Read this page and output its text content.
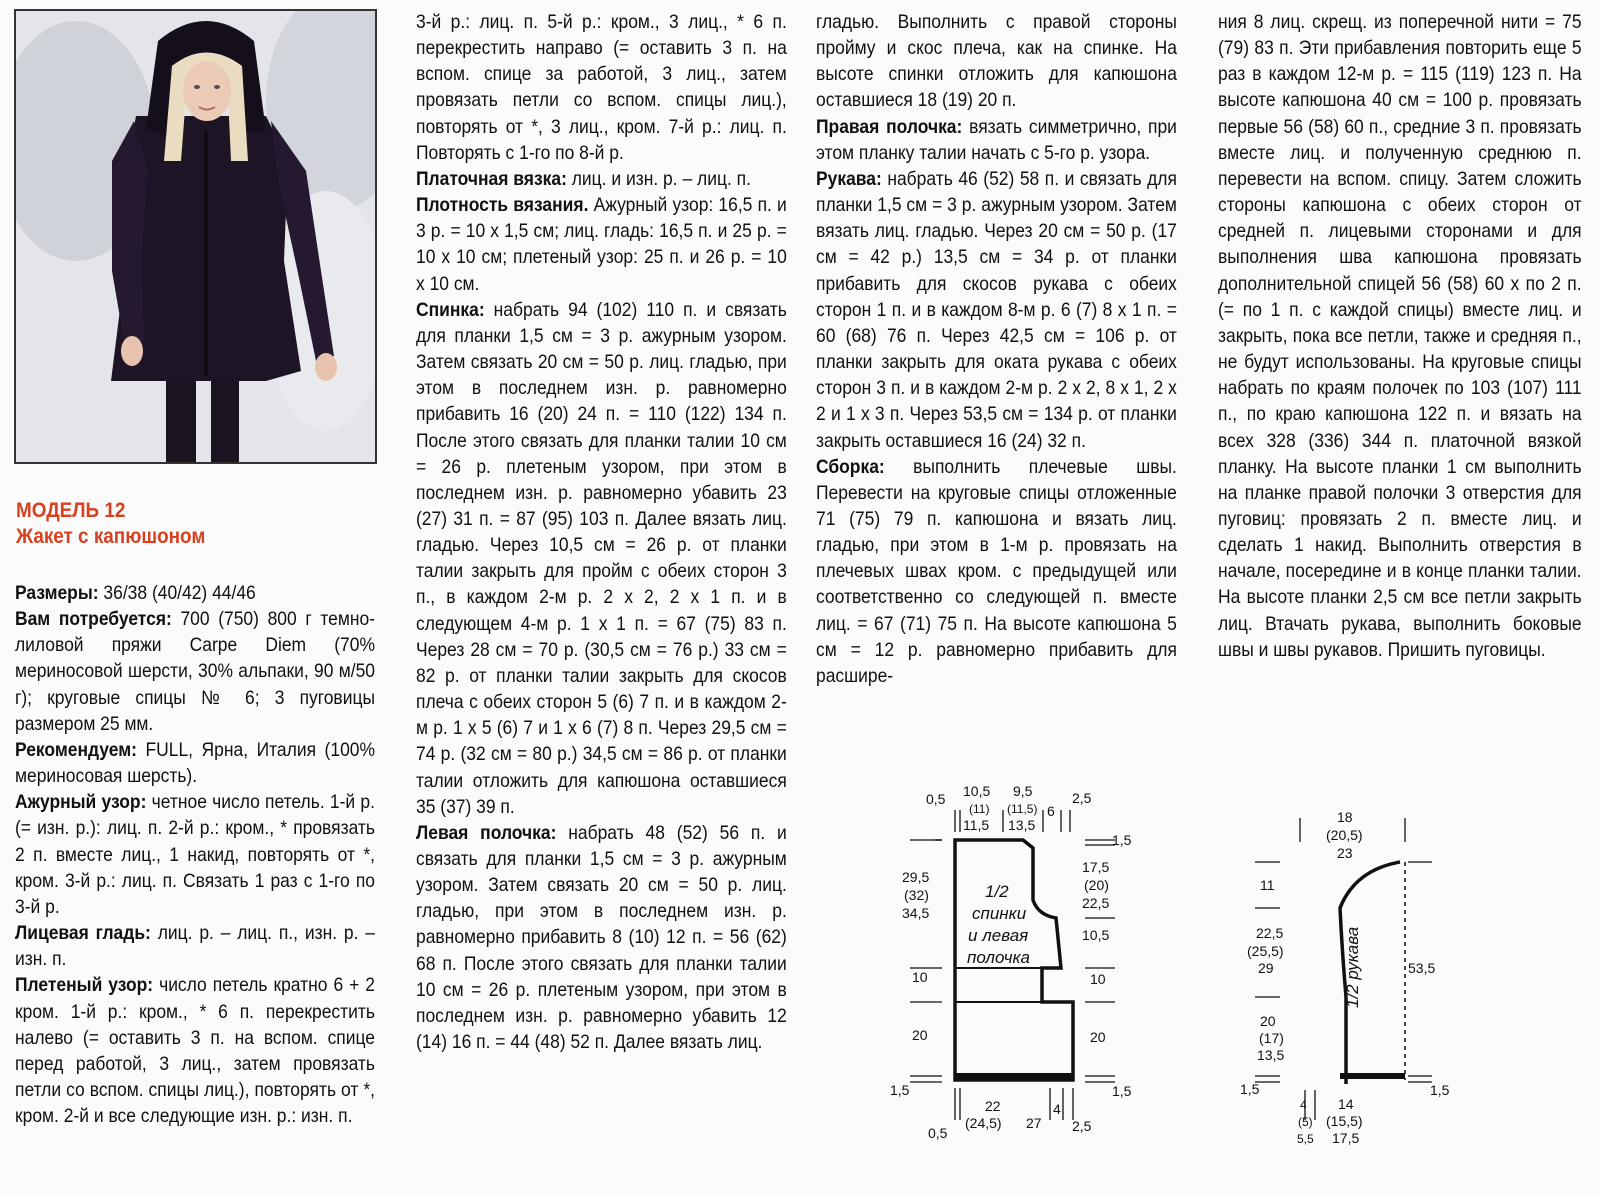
МОДЕЛЬ 12
Жакет с капюшоном

Размеры: 36/38 (40/42) 44/46

Вам потребуется: 700 (750) 800 г темно-лиловой пряжи Carpe Diem (70% мериносовой шерсти, 30% альпаки, 90 м/50 г); круговые спицы № 6; 3 пуговицы размером 25 мм.

Рекомендуем: FULL, Ярна, Италия (100% мериносовая шерсть).

Ажурный узор: четное число петель. 1-й р. (= изн. р.): лиц. п. 2-й р.: кром., * провязать 2 п. вместе лиц., 1 накид, повторять от *, кром. 3-й р.: лиц. п. Связать 1 раз с 1-го по 3-й р.

Лицевая гладь: лиц. р. – лиц. п., изн. р. – изн. п.

Плетеный узор: число петель кратно 6 + 2 кром. 1-й р.: кром., * 6 п. перекрестить налево (= оставить 3 п. на вспом. спице перед работой, 3 лиц., затем провязать петли со вспом. спицы лиц.), повторять от *, кром. 2-й и все следующие изн. р.: изн. п.

3-й р.: лиц. п. 5-й р.: кром., 3 лиц., * 6 п. перекрестить направо (= оставить 3 п. на вспом. спице за работой, 3 лиц., затем провязать петли со вспом. спицы лиц.), повторять от *, 3 лиц., кром. 7-й р.: лиц. п. Повторять с 1-го по 8-й р.

Платочная вязка: лиц. и изн. р. – лиц. п.

Плотность вязания. Ажурный узор: 16,5 п. и 3 р. = 10 х 1,5 см; лиц. гладь: 16,5 п. и 25 р. = 10 х 10 см; плетеный узор: 25 п. и 26 р. = 10 х 10 см.

Спинка: набрать 94 (102) 110 п. и связать для планки 1,5 см = 3 р. ажурным узором. Затем связать 20 см = 50 р. лиц. гладью, при этом в последнем изн. р. равномерно прибавить 16 (20) 24 п. = 110 (122) 134 п. После этого связать для планки талии 10 см = 26 р. плетеным узором, при этом в последнем изн. р. равномерно убавить 23 (27) 31 п. = 87 (95) 103 п. Далее вязать лиц. гладью. Через 10,5 см = 26 р. от планки талии закрыть для пройм с обеих сторон 3 п., в каждом 2-м р. 2 х 2, 2 х 1 п. и в следующем 4-м р. 1 х 1 п. = 67 (75) 83 п. Через 28 см = 70 р. (30,5 см = 76 р.) 33 см = 82 р. от планки талии закрыть для скосов плеча с обеих сторон 5 (6) 7 п. и в каждом 2-м р. 1 х 5 (6) 7 и 1 х 6 (7) 8 п. Через 29,5 см = 74 р. (32 см = 80 р.) 34,5 см = 86 р. от планки талии отложить для капюшона оставшиеся 35 (37) 39 п.

Левая полочка: набрать 48 (52) 56 п. и связать для планки 1,5 см = 3 р. ажурным узором. Затем связать 20 см = 50 р. лиц. гладью, при этом в последнем изн. р. равномерно прибавить 8 (10) 12 п. = 56 (62) 68 п. После этого связать для планки талии 10 см = 26 р. плетеным узором, при этом в последнем изн. р. равномерно убавить 12 (14) 16 п. = 44 (48) 52 п. Далее вязать лиц.

гладью. Выполнить с правой стороны пройму и скос плеча, как на спинке. На высоте спинки отложить для капюшона оставшиеся 18 (19) 20 п.

Правая полочка: вязать симметрично, при этом планку талии начать с 5-го р. узора.

Рукава: набрать 46 (52) 58 п. и связать для планки 1,5 см = 3 р. ажурным узором. Затем вязать лиц. гладью. Через 20 см = 50 р. (17 см = 42 р.) 13,5 см = 34 р. от планки прибавить для скосов рукава с обеих сторон 1 п. и в каждом 8-м р. 6 (7) 8 х 1 п. = 60 (68) 76 п. Через 42,5 см = 106 р. от планки закрыть для оката рукава с обеих сторон 3 п. и в каждом 2-м р. 2 х 2, 8 х 1, 2 х 2 и 1 х 3 п. Через 53,5 см = 134 р. от планки закрыть оставшиеся 16 (24) 32 п.

Сборка: выполнить плечевые швы. Перевести на круговые спицы отложенные 71 (75) 79 п. капюшона и вязать лиц. гладью, при этом в 1-м р. провязать на плечевых швах кром. с предыдущей или соответственно со следующей п. вместе лиц. = 67 (71) 75 п. На высоте капюшона 5 см = 12 р. равномерно прибавить для расшире-

ния 8 лиц. скрещ. из поперечной нити = 75 (79) 83 п. Эти прибавления повторить еще 5 раз в каждом 12-м р. = 115 (119) 123 п. На высоте капюшона 40 см = 100 р. провязать первые 56 (58) 60 п., средние 3 п. провязать вместе лиц. и полученную среднюю п. перевести на вспом. спицу. Затем сложить стороны капюшона с обеих сторон от средней п. лицевыми сторонами и для выполнения шва капюшона провязать дополнительной спицей 56 (58) 60 х по 2 п. (= по 1 п. с каждой спицы) вместе лиц. и закрыть, пока все петли, также и средняя п., не будут использованы. На круговые спицы набрать по краям полочек по 103 (107) 111 п., по краю капюшона 122 п. и вязать на всех 328 (336) 344 п. платочной вязкой планку. На высоте планки 1 см выполнить на планке правой полочки 3 отверстия для пуговиц: провязать 2 п. вместе лиц. и сделать 1 накид. Выполнить отверстия в начале, посередине и в конце планки талии. На высоте планки 2,5 см все петли закрыть лиц. Втачать рукава, выполнить боковые швы и швы рукавов. Пришить пуговицы.

1/2
спинки
и левая
полочка
0,5 10,5
(11)
11,5
9,5
(11,5)
13,5
6
2,5
29,5
(32)
34,5
10
20
1,5
1,5
17,5
(20)
22,5
10,5
10
20
1,5
0,5
22
(24,5) 27
4
2,5
1/2 рукава
18
(20,5)
23
11
22,5
(25,5)
29
20
(17)
13,5
1,5
53,5
1,5
4
(5)
5,5
14
(15,5)
17,5
